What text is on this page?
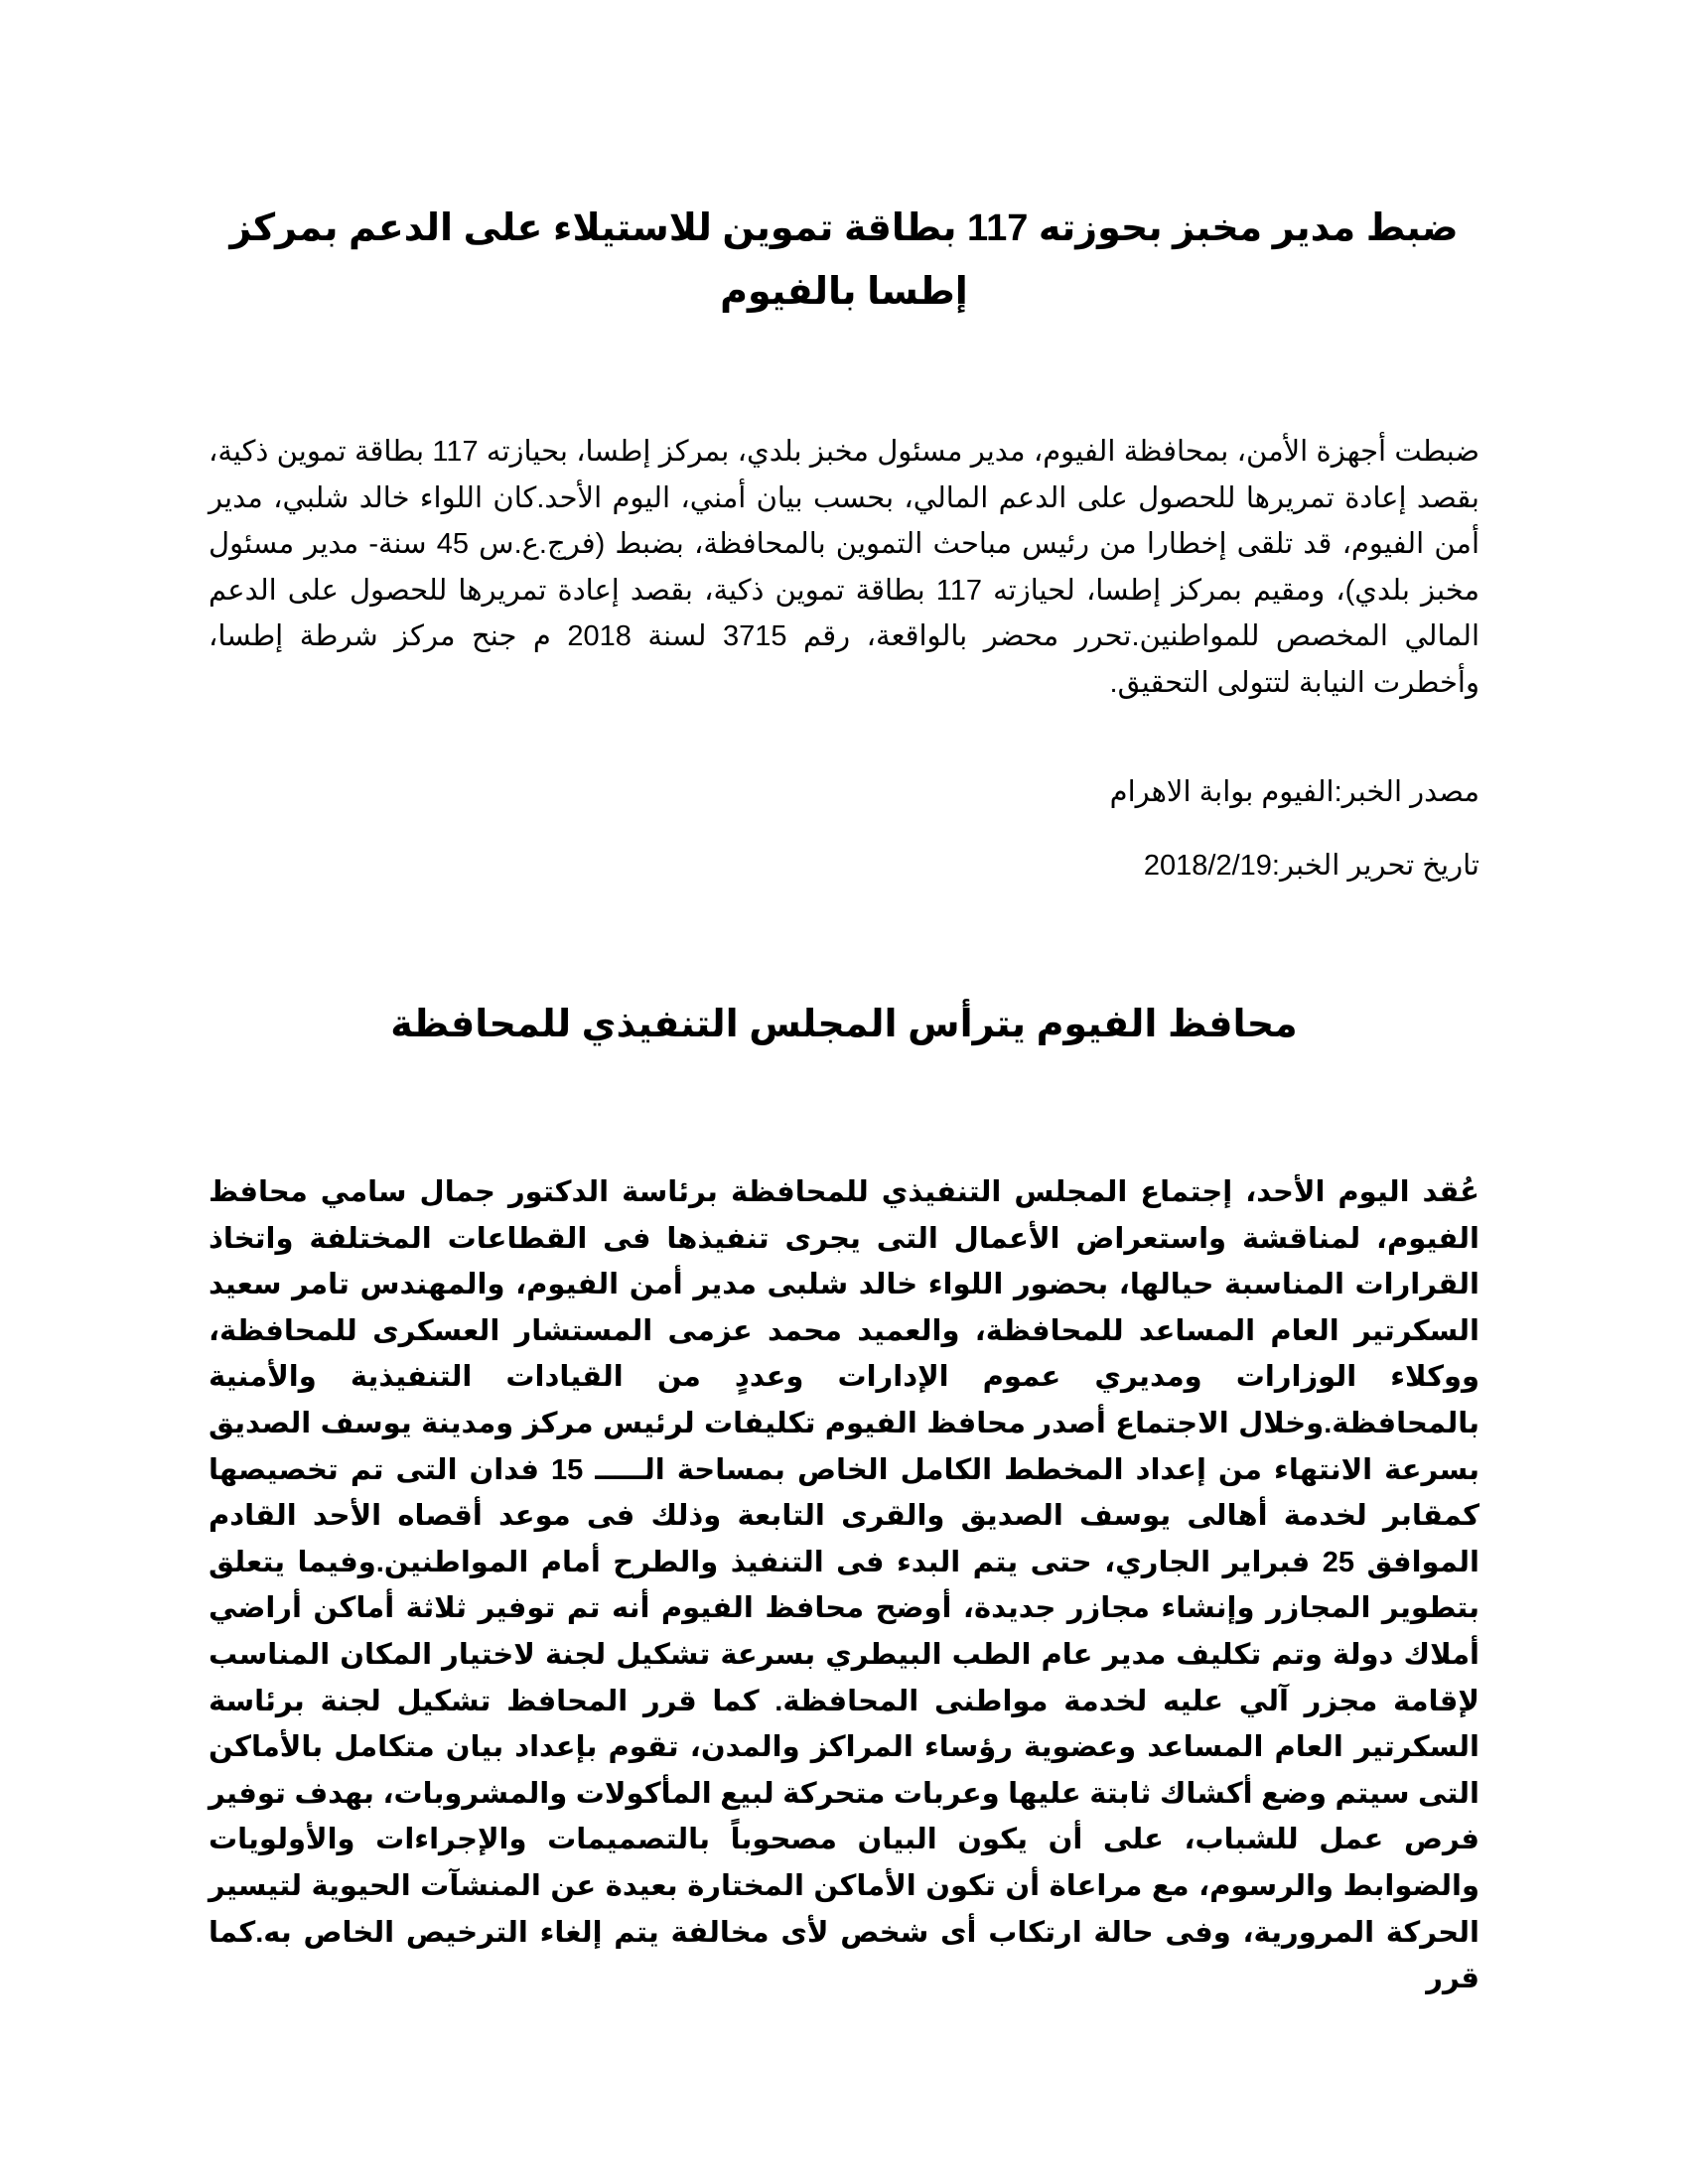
ضبط مدير مخبز بحوزته 117 بطاقة تموين للاستيلاء على الدعم بمركز إطسا بالفيوم

ضبطت أجهزة الأمن، بمحافظة الفيوم، مدير مسئول مخبز بلدي، بمركز إطسا، بحيازته 117 بطاقة تموين ذكية، بقصد إعادة تمريرها للحصول على الدعم المالي، بحسب بيان أمني، اليوم الأحد.كان اللواء خالد شلبي، مدير أمن الفيوم، قد تلقى إخطارا من رئيس مباحث التموين بالمحافظة، بضبط (فرج.ع.س 45 سنة- مدير مسئول مخبز بلدي)، ومقيم بمركز إطسا، لحيازته 117 بطاقة تموين ذكية، بقصد إعادة تمريرها للحصول على الدعم المالي المخصص للمواطنين.تحرر محضر بالواقعة، رقم 3715 لسنة 2018 م جنح مركز شرطة إطسا، وأخطرت النيابة لتتولى التحقيق.

مصدر الخبر:الفيوم بوابة الاهرام

تاريخ تحرير الخبر:2018/2/19

محافظ الفيوم يترأس المجلس التنفيذي للمحافظة

عُقد اليوم الأحد، إجتماع المجلس التنفيذي للمحافظة برئاسة الدكتور جمال سامي محافظ الفيوم، لمناقشة واستعراض الأعمال التى يجرى تنفيذها فى القطاعات المختلفة واتخاذ القرارات المناسبة حيالها، بحضور اللواء خالد شلبى مدير أمن الفيوم، والمهندس تامر سعيد السكرتير العام المساعد للمحافظة، والعميد محمد عزمى المستشار العسكرى للمحافظة، ووكلاء الوزارات ومديري عموم الإدارات وعددٍ من القيادات التنفيذية والأمنية بالمحافظة.وخلال الاجتماع أصدر محافظ الفيوم تكليفات لرئيس مركز ومدينة يوسف الصديق بسرعة الانتهاء من إعداد المخطط الكامل الخاص بمساحة الـــــ 15 فدان التى تم تخصيصها كمقابر لخدمة أهالى يوسف الصديق والقرى التابعة وذلك فى موعد أقصاه الأحد القادم الموافق 25 فبراير الجاري، حتى يتم البدء فى التنفيذ والطرح أمام المواطنين.وفيما يتعلق بتطوير المجازر وإنشاء مجازر جديدة، أوضح محافظ الفيوم أنه تم توفير ثلاثة أماكن أراضي أملاك دولة وتم تكليف مدير عام الطب البيطري بسرعة تشكيل لجنة لاختيار المكان المناسب لإقامة مجزر آلي عليه لخدمة مواطنى المحافظة. كما قرر المحافظ تشكيل لجنة برئاسة السكرتير العام المساعد وعضوية رؤساء المراكز والمدن، تقوم بإعداد بيان متكامل بالأماكن التى سيتم وضع أكشاك ثابتة عليها وعربات متحركة لبيع المأكولات والمشروبات، بهدف توفير فرص عمل للشباب، على أن يكون البيان مصحوباً بالتصميمات والإجراءات والأولويات والضوابط والرسوم، مع مراعاة أن تكون الأماكن المختارة بعيدة عن المنشآت الحيوية لتيسير الحركة المرورية، وفى حالة ارتكاب أى شخص لأى مخالفة يتم إلغاء الترخيص الخاص به.كما قرر
